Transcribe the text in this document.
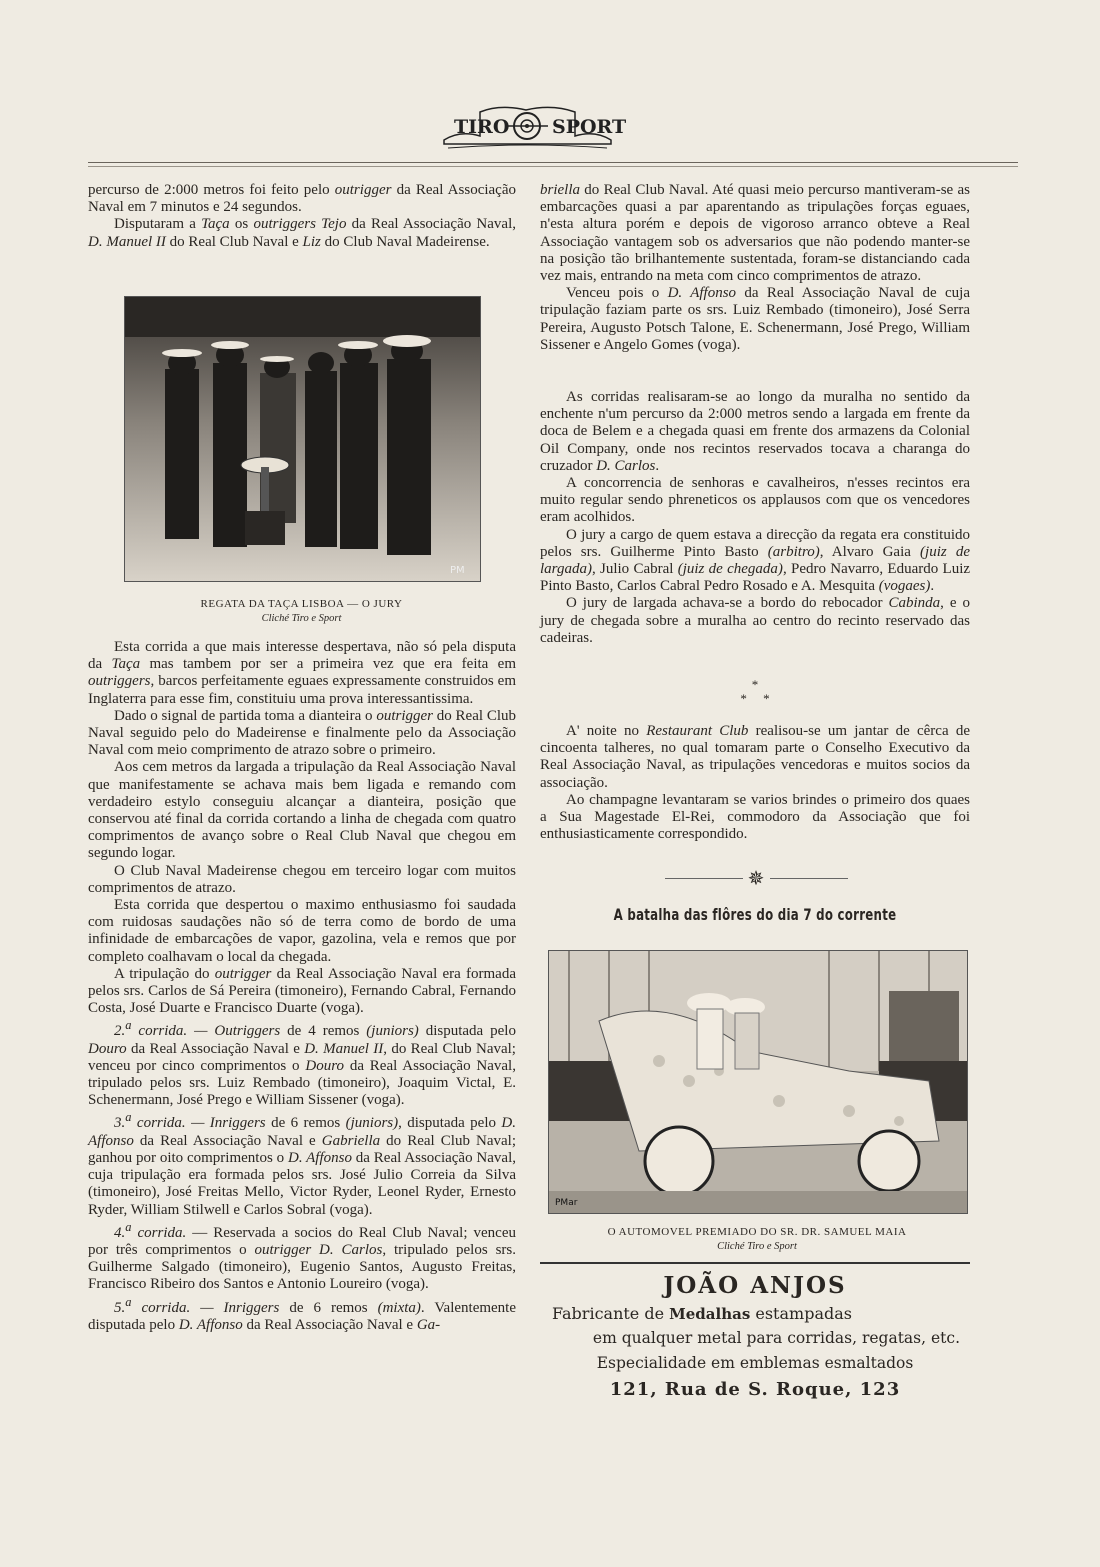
TIRO SPORT

percurso de 2:000 metros foi feito pelo outrigger da Real Associação Naval em 7 minutos e 24 segundos.

Disputaram a Taça os outriggers Tejo da Real Associação Naval, D. Manuel II do Real Club Naval e Liz do Club Naval Madeirense.

PM
REGATA DA TAÇA LISBOA — O JURY
Cliché Tiro e Sport

Esta corrida a que mais interesse despertava, não só pela disputa da Taça mas tambem por ser a primeira vez que era feita em outriggers, barcos perfeitamente eguaes expressamente construidos em Inglaterra para esse fim, constituiu uma prova interessantissima.

Dado o signal de partida toma a dianteira o outrigger do Real Club Naval seguido pelo do Madeirense e finalmente pelo da Associação Naval com meio comprimento de atrazo sobre o primeiro.

Aos cem metros da largada a tripulação da Real Associação Naval que manifestamente se achava mais bem ligada e remando com verdadeiro estylo conseguiu alcançar a dianteira, posição que conservou até final da corrida cortando a linha de chegada com quatro comprimentos de avanço sobre o Real Club Naval que chegou em segundo logar.

O Club Naval Madeirense chegou em terceiro logar com muitos comprimentos de atrazo.

Esta corrida que despertou o maximo enthusiasmo foi saudada com ruidosas saudações não só de terra como de bordo de uma infinidade de embarcações de vapor, gazolina, vela e remos que por completo coalhavam o local da chegada.

A tripulação do outrigger da Real Associação Naval era formada pelos srs. Carlos de Sá Pereira (timoneiro), Fernando Cabral, Fernando Costa, José Duarte e Francisco Duarte (voga).

2.$^a$ corrida. — Outriggers de 4 remos (juniors) disputada pelo Douro da Real Associação Naval e D. Manuel II, do Real Club Naval; venceu por cinco comprimentos o Douro da Real Associação Naval, tripulado pelos srs. Luiz Rembado (timoneiro), Joaquim Victal, E. Schenermann, José Prego e William Sissener (voga).

3.$^a$ corrida. — Inriggers de 6 remos (juniors), disputada pelo D. Affonso da Real Associação Naval e Gabriella do Real Club Naval; ganhou por oito comprimentos o D. Affonso da Real Associação Naval, cuja tripulação era formada pelos srs. José Julio Correia da Silva (timoneiro), José Freitas Mello, Victor Ryder, Leonel Ryder, Ernesto Ryder, William Stilwell e Carlos Sobral (voga).

4.$^a$ corrida. — Reservada a socios do Real Club Naval; venceu por três comprimentos o outrigger D. Carlos, tripulado pelos srs. Guilherme Salgado (timoneiro), Eugenio Santos, Augusto Freitas, Francisco Ribeiro dos Santos e Antonio Loureiro (voga).

5.$^a$ corrida. — Inriggers de 6 remos (mixta). Valentemente disputada pelo D. Affonso da Real Associação Naval e Ga-

briella do Real Club Naval. Até quasi meio percurso mantiveram-se as embarcações quasi a par aparentando as tripulações forças eguaes, n'esta altura porém e depois de vigoroso arranco obteve a Real Associação vantagem sob os adversarios que não podendo manter-se na posição tão brilhantemente sustentada, foram-se distanciando cada vez mais, entrando na meta com cinco comprimentos de atrazo.

Venceu pois o D. Affonso da Real Associação Naval de cuja tripulação faziam parte os srs. Luiz Rembado (timoneiro), José Serra Pereira, Augusto Potsch Talone, E. Schenermann, José Prego, William Sissener e Angelo Gomes (voga).

As corridas realisaram-se ao longo da muralha no sentido da enchente n'um percurso da 2:000 metros sendo a largada em frente da doca de Belem e a chegada quasi em frente dos armazens da Colonial Oil Company, onde nos recintos reservados tocava a charanga do cruzador D. Carlos.

A concorrencia de senhoras e cavalheiros, n'esses recintos era muito regular sendo phreneticos os applausos com que os vencedores eram acolhidos.

O jury a cargo de quem estava a direcção da regata era constituido pelos srs. Guilherme Pinto Basto (arbitro), Alvaro Gaia (juiz de largada), Julio Cabral (juiz de chegada), Pedro Navarro, Eduardo Luiz Pinto Basto, Carlos Cabral Pedro Rosado e A. Mesquita (vogaes).

O jury de largada achava-se a bordo do rebocador Cabinda, e o jury de chegada sobre a muralha ao centro do recinto reservado das cadeiras.

*
*     *

A' noite no Restaurant Club realisou-se um jantar de cêrca de cincoenta talheres, no qual tomaram parte o Conselho Executivo da Real Associação Naval, as tripulações vencedoras e muitos socios da associação.

Ao champagne levantaram se varios brindes o primeiro dos quaes a Sua Magestade El-Rei, commodoro da Associação que foi enthusiasticamente correspondido.

✵
A batalha das flôres do dia 7 do corrente
PMar
O AUTOMOVEL PREMIADO DO SR. DR. SAMUEL MAIA
Cliché Tiro e Sport
JOÃO ANJOS
Fabricante de Medalhas estampadas
em qualquer metal para corridas, regatas, etc.
Especialidade em emblemas esmaltados
121, Rua de S. Roque, 123
